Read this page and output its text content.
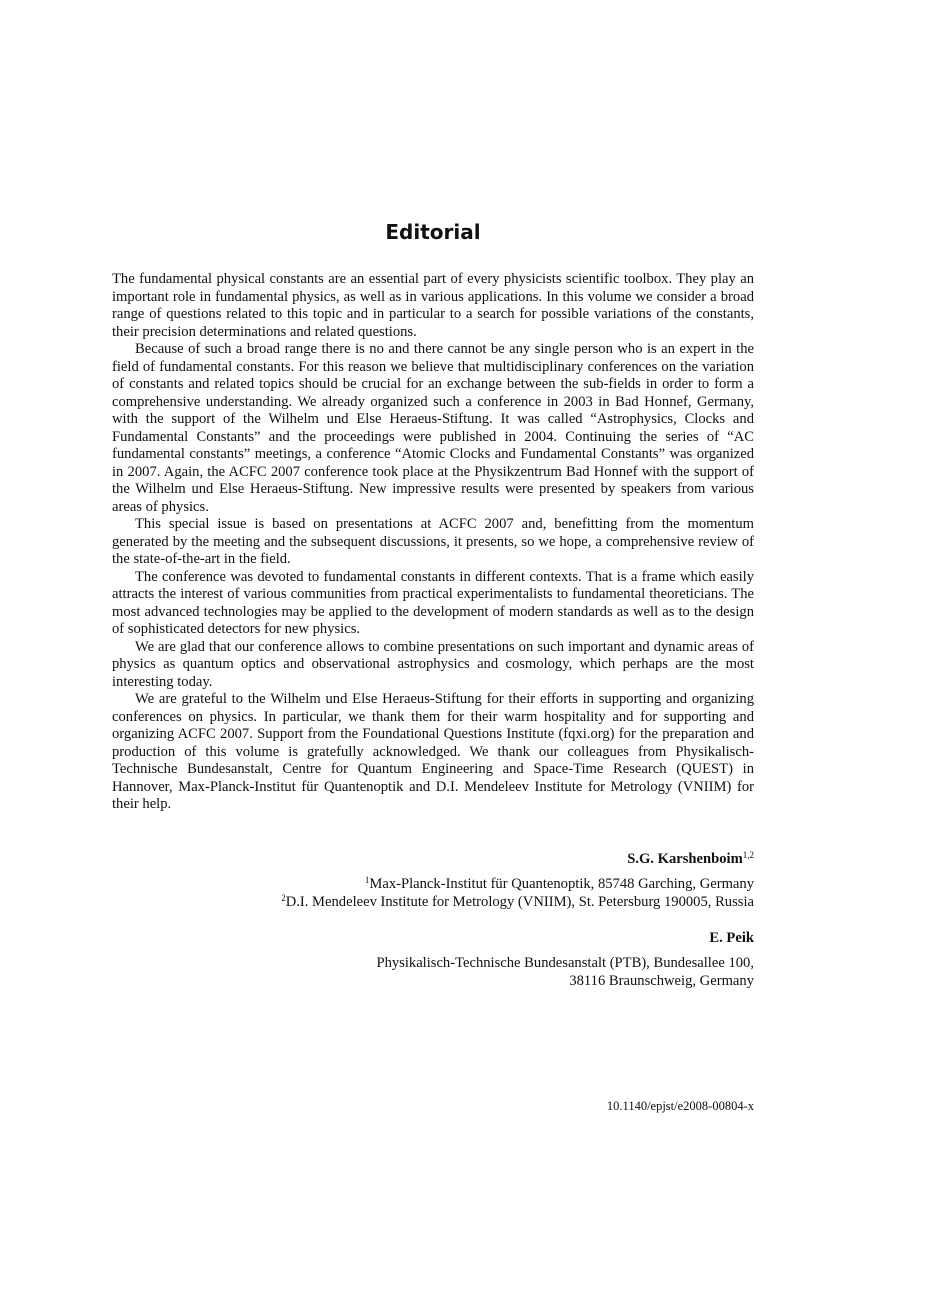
Editorial

The fundamental physical constants are an essential part of every physicists scientific toolbox. They play an important role in fundamental physics, as well as in various applications. In this volume we consider a broad range of questions related to this topic and in particular to a search for possible variations of the constants, their precision determinations and related questions.

Because of such a broad range there is no and there cannot be any single person who is an expert in the field of fundamental constants. For this reason we believe that multidisciplinary conferences on the variation of constants and related topics should be crucial for an exchange between the sub-fields in order to form a comprehensive understanding. We already organized such a conference in 2003 in Bad Honnef, Germany, with the support of the Wilhelm und Else Heraeus-Stiftung. It was called “Astrophysics, Clocks and Fundamental Constants” and the proceedings were published in 2004. Continuing the series of “AC fundamental constants” meetings, a conference “Atomic Clocks and Fundamental Constants” was organized in 2007. Again, the ACFC 2007 conference took place at the Physikzentrum Bad Honnef with the support of the Wilhelm und Else Heraeus-Stiftung. New impressive results were presented by speakers from various areas of physics.

This special issue is based on presentations at ACFC 2007 and, benefitting from the momentum generated by the meeting and the subsequent discussions, it presents, so we hope, a comprehensive review of the state-of-the-art in the field.

The conference was devoted to fundamental constants in different contexts. That is a frame which easily attracts the interest of various communities from practical experimentalists to fundamental theoreticians. The most advanced technologies may be applied to the development of modern standards as well as to the design of sophisticated detectors for new physics.

We are glad that our conference allows to combine presentations on such important and dynamic areas of physics as quantum optics and observational astrophysics and cosmology, which perhaps are the most interesting today.

We are grateful to the Wilhelm und Else Heraeus-Stiftung for their efforts in supporting and organizing conferences on physics. In particular, we thank them for their warm hospitality and for supporting and organizing ACFC 2007. Support from the Foundational Questions Institute (fqxi.org) for the preparation and production of this volume is gratefully acknowledged. We thank our colleagues from Physikalisch-Technische Bundesanstalt, Centre for Quantum Engineering and Space-Time Research (QUEST) in Hannover, Max-Planck-Institut für Quantenoptik and D.I. Mendeleev Institute for Metrology (VNIIM) for their help.

S.G. Karshenboim$^{1,2}$
$^1$Max-Planck-Institut für Quantenoptik, 85748 Garching, Germany
$^2$D.I. Mendeleev Institute for Metrology (VNIIM), St. Petersburg 190005, Russia
E. Peik
Physikalisch-Technische Bundesanstalt (PTB), Bundesallee 100,
38116 Braunschweig, Germany
10.1140/epjst/e2008-00804-x
